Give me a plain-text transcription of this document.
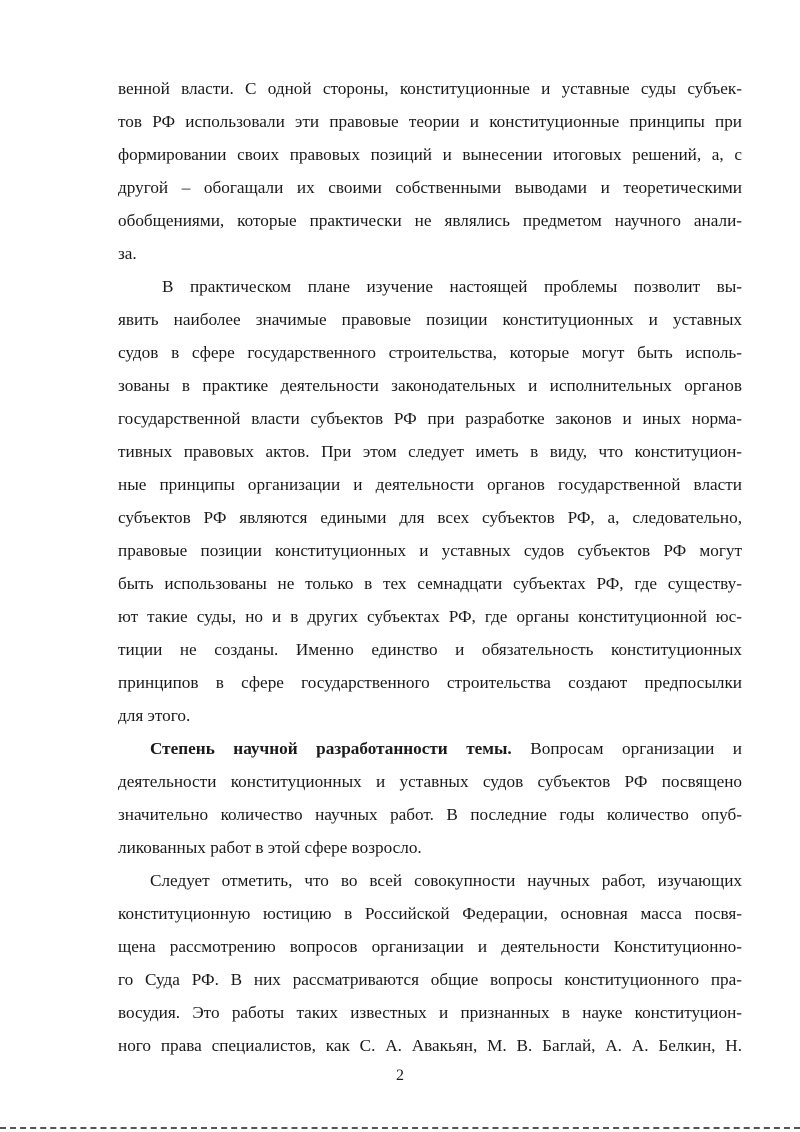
венной власти. С одной стороны, конституционные и уставные суды субъек-
тов РФ использовали эти правовые теории и конституционные принципы при
формировании своих правовых позиций и вынесении итоговых решений, а, с
другой – обогащали их своими собственными выводами и теоретическими
обобщениями, которые практически не являлись предметом научного анали-
за.
В практическом плане изучение настоящей проблемы позволит вы-
явить наиболее значимые правовые позиции конституционных и уставных
судов в сфере государственного строительства, которые могут быть исполь-
зованы в практике деятельности законодательных и исполнительных органов
государственной власти субъектов РФ при разработке законов и иных норма-
тивных правовых актов. При этом следует иметь в виду, что конституцион-
ные принципы организации и деятельности органов государственной власти
субъектов РФ являются едиными для всех субъектов РФ, а, следовательно,
правовые позиции конституционных и уставных судов субъектов РФ могут
быть использованы не только в тех семнадцати субъектах РФ, где существу-
ют такие суды, но и в других субъектах РФ, где органы конституционной юс-
тиции не созданы. Именно единство и обязательность конституционных
принципов в сфере государственного строительства создают предпосылки
для этого.
Степень научной разработанности темы. Вопросам организации и
деятельности конституционных и уставных судов субъектов РФ посвящено
значительно количество научных работ. В последние годы количество опуб-
ликованных работ в этой сфере возросло.
Следует отметить, что во всей совокупности научных работ, изучающих
конституционную юстицию в Российской Федерации, основная масса посвя-
щена рассмотрению вопросов организации и деятельности Конституционно-
го Суда РФ. В них рассматриваются общие вопросы конституционного пра-
восудия. Это работы таких известных и признанных в науке конституцион-
ного права специалистов, как С. А. Авакьян, М. В. Баглай, А. А. Белкин, Н.
2
